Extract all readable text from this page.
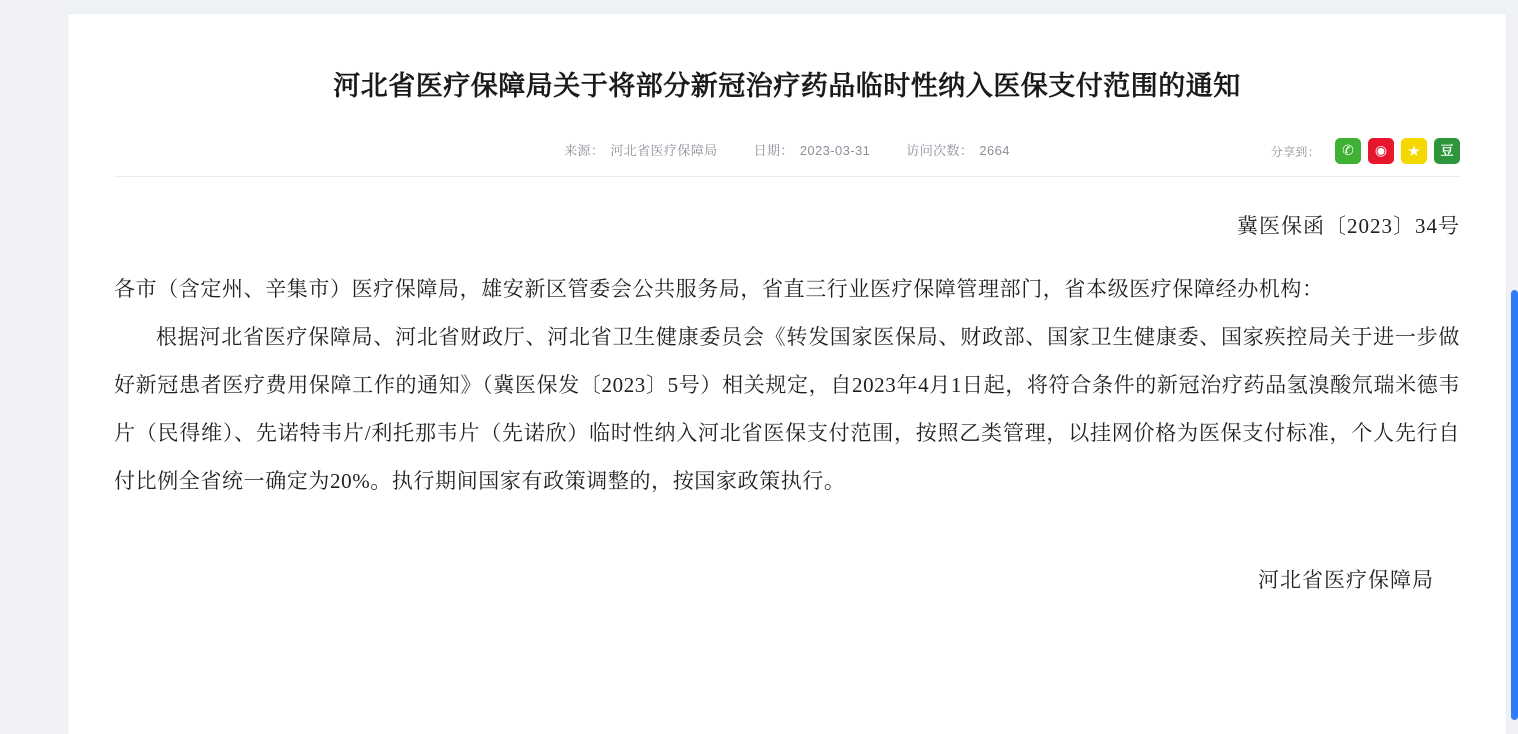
河北省医疗保障局关于将部分新冠治疗药品临时性纳入医保支付范围的通知
来源： 河北省医疗保障局	日期： 2023-03-31	访问次数： 2664	分享到： ✆ ◉ ★ 豆
冀医保函〔2023〕34号

各市（含定州、辛集市）医疗保障局，雄安新区管委会公共服务局，省直三行业医疗保障管理部门，省本级医疗保障经办机构：

根据河北省医疗保障局、河北省财政厅、河北省卫生健康委员会《转发国家医保局、财政部、国家卫生健康委、国家疾控局关于进一步做好新冠患者医疗费用保障工作的通知》（冀医保发〔2023〕5号）相关规定，自2023年4月1日起，将符合条件的新冠治疗药品氢溴酸氘瑞米德韦片（民得维）、先诺特韦片/利托那韦片（先诺欣）临时性纳入河北省医保支付范围，按照乙类管理，以挂网价格为医保支付标准，个人先行自付比例全省统一确定为20%。执行期间国家有政策调整的，按国家政策执行。

河北省医疗保障局
